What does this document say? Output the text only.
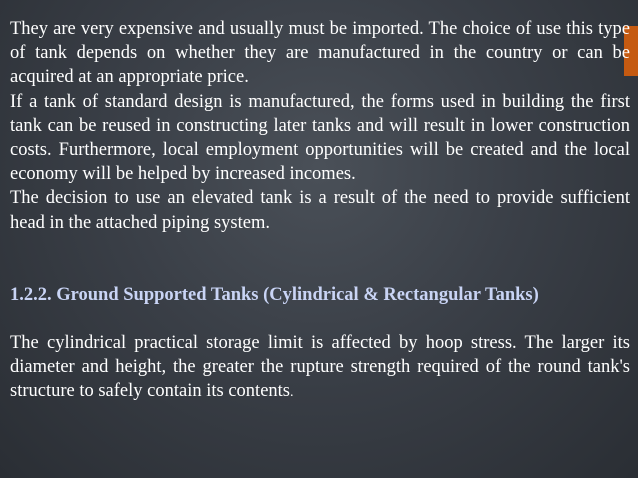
They are very expensive and usually must be imported. The choice of use this type of tank depends on whether they are manufactured in the country or can be acquired at an appropriate price.

If a tank of standard design is manufactured, the forms used in building the first tank can be reused in constructing later tanks and will result in lower construction costs. Furthermore, local employment opportunities will be created and the local economy will be helped by increased incomes.

The decision to use an elevated tank is a result of the need to provide sufficient head in the attached piping system.

1.2.2. Ground Supported Tanks (Cylindrical & Rectangular Tanks)

The cylindrical practical storage limit is affected by hoop stress. The larger its diameter and height, the greater the rupture strength required of the round tank's structure to safely contain its contents.
